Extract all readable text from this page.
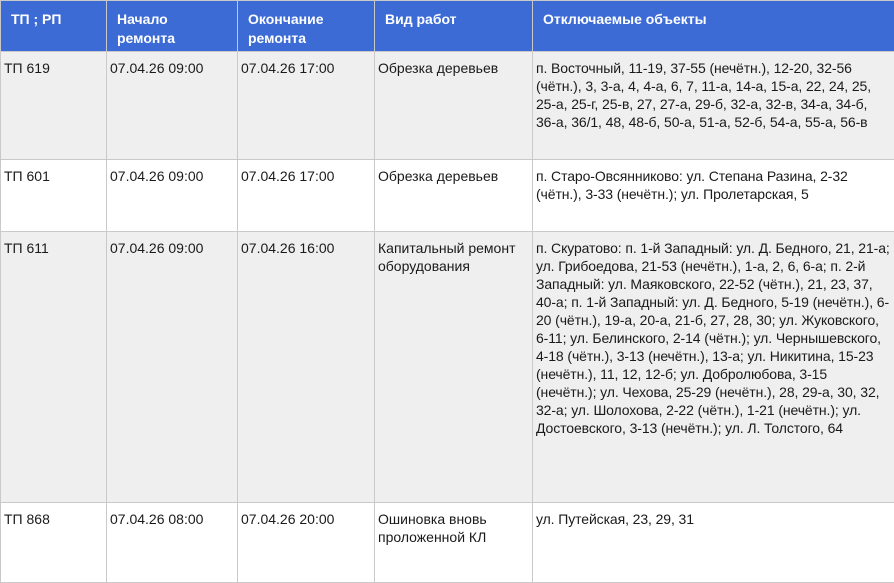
ТП ; РП	Начало ремонта	Окончание ремонта	Вид работ	Отключаемые объекты
ТП 619	07.04.26 09:00	07.04.26 17:00	Обрезка деревьев	п. Восточный, 11-19, 37-55 (нечётн.), 12-20, 32-56 (чётн.), 3, 3-а, 4, 4-а, 6, 7, 11-а, 14-а, 15-а, 22, 24, 25, 25-а, 25-г, 25-в, 27, 27-а, 29-б, 32-а, 32-в, 34-а, 34-б, 36-а, 36/1, 48, 48-б, 50-а, 51-а, 52-б, 54-а, 55-а, 56-в
ТП 601	07.04.26 09:00	07.04.26 17:00	Обрезка деревьев	п. Старо-Овсянниково: ул. Степана Разина, 2-32 (чётн.), 3-33 (нечётн.); ул. Пролетарская, 5
ТП 611	07.04.26 09:00	07.04.26 16:00	Капитальный ремонт оборудования	п. Скуратово: п. 1-й Западный: ул. Д. Бедного, 21, 21-а; ул. Грибоедова, 21-53 (нечётн.), 1-а, 2, 6, 6-а; п. 2-й Западный: ул. Маяковского, 22-52 (чётн.), 21, 23, 37, 40-а; п. 1-й Западный: ул. Д. Бедного, 5-19 (нечётн.), 6-20 (чётн.), 19-а, 20-а, 21-б, 27, 28, 30; ул. Жуковского, 6-11; ул. Белинского, 2-14 (чётн.); ул. Чернышевского, 4-18 (чётн.), 3-13 (нечётн.), 13-а; ул. Никитина, 15-23 (нечётн.), 11, 12, 12-б; ул. Добролюбова, 3-15 (нечётн.); ул. Чехова, 25-29 (нечётн.), 28, 29-а, 30, 32, 32-а; ул. Шолохова, 2-22 (чётн.), 1-21 (нечётн.); ул. Достоевского, 3-13 (нечётн.); ул. Л. Толстого, 64
ТП 868	07.04.26 08:00	07.04.26 20:00	Ошиновка вновь проложенной КЛ	ул. Путейская, 23, 29, 31
